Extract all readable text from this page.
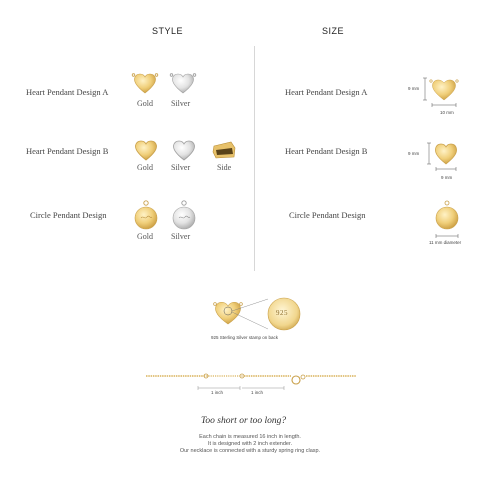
STYLE	SIZE
Heart Pendant Design A
Gold Silver
Heart Pendant Design B
Gold Silver	Side
Circle Pendant Design
Gold Silver
Heart Pendant Design A	9 mm
10 mm
Heart Pendant Design B	9 mm
9 mm
Circle Pendant Design
11 mm diameter
925
925 Sterling Silver stamp on back
1 inch	1 inch
Too short or too long?
Each chain is measured 16 inch in length.
It is designed with 2 inch extender.
Our necklace is connected with a sturdy spring ring clasp.
